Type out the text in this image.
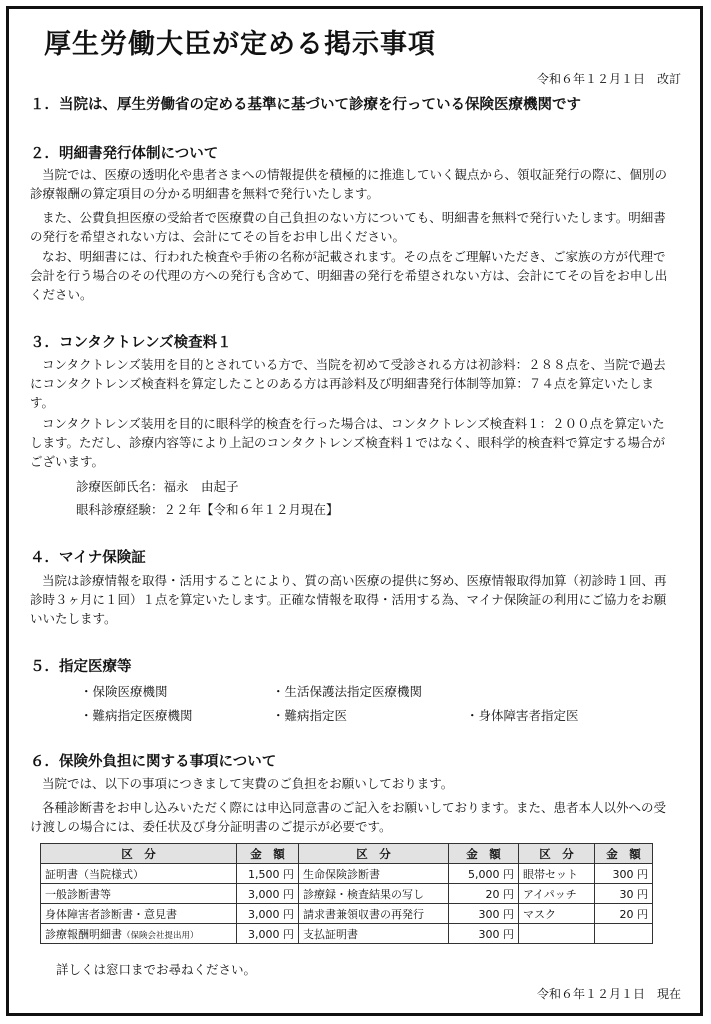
厚生労働大臣が定める掲示事項
令和６年１２月１日　改訂
１．当院は、厚生労働省の定める基準に基づいて診療を行っている保険医療機関です
２．明細書発行体制について
当院では、医療の透明化や患者さまへの情報提供を積極的に推進していく観点から、領収証発行の際に、個別の診療報酬の算定項目の分かる明細書を無料で発行いたします。
また、公費負担医療の受給者で医療費の自己負担のない方についても、明細書を無料で発行いたします。明細書の発行を希望されない方は、会計にてその旨をお申し出ください。
なお、明細書には、行われた検査や手術の名称が記載されます。その点をご理解いただき、ご家族の方が代理で会計を行う場合のその代理の方への発行も含めて、明細書の発行を希望されない方は、会計にてその旨をお申し出ください。
３．コンタクトレンズ検査料１
コンタクトレンズ装用を目的とされている方で、当院を初めて受診される方は初診料：２８８点を、当院で過去にコンタクトレンズ検査料を算定したことのある方は再診料及び明細書発行体制等加算：７４点を算定いたします。
コンタクトレンズ装用を目的に眼科学的検査を行った場合は、コンタクトレンズ検査料１：２００点を算定いたします。ただし、診療内容等により上記のコンタクトレンズ検査料１ではなく、眼科学的検査料で算定する場合がございます。
診療医師氏名：福永　由起子
眼科診療経験：２２年【令和６年１２月現在】
４．マイナ保険証
当院は診療情報を取得・活用することにより、質の高い医療の提供に努め、医療情報取得加算（初診時１回、再診時３ヶ月に１回）１点を算定いたします。正確な情報を取得・活用する為、マイナ保険証の利用にご協力をお願いいたします。
５．指定医療等
・保険医療機関	・生活保護法指定医療機関
・難病指定医療機関	・難病指定医	・身体障害者指定医
６．保険外負担に関する事項について
当院では、以下の事項につきまして実費のご負担をお願いしております。
各種診断書をお申し込みいただく際には申込同意書のご記入をお願いしております。また、患者本人以外への受け渡しの場合には、委任状及び身分証明書のご提示が必要です。
区　分	金　額	区　分	金　額	区　分	金　額
証明書（当院様式）	1,500 円	生命保険診断書	5,000 円	眼帯セット	300 円
一般診断書等	3,000 円	診療録・検査結果の写し	20 円	アイパッチ	30 円
身体障害者診断書・意見書	3,000 円	請求書兼領収書の再発行	300 円	マスク	20 円
診療報酬明細書（保険会社提出用）	3,000 円	支払証明書	300 円		
詳しくは窓口までお尋ねください。
令和６年１２月１日　現在
